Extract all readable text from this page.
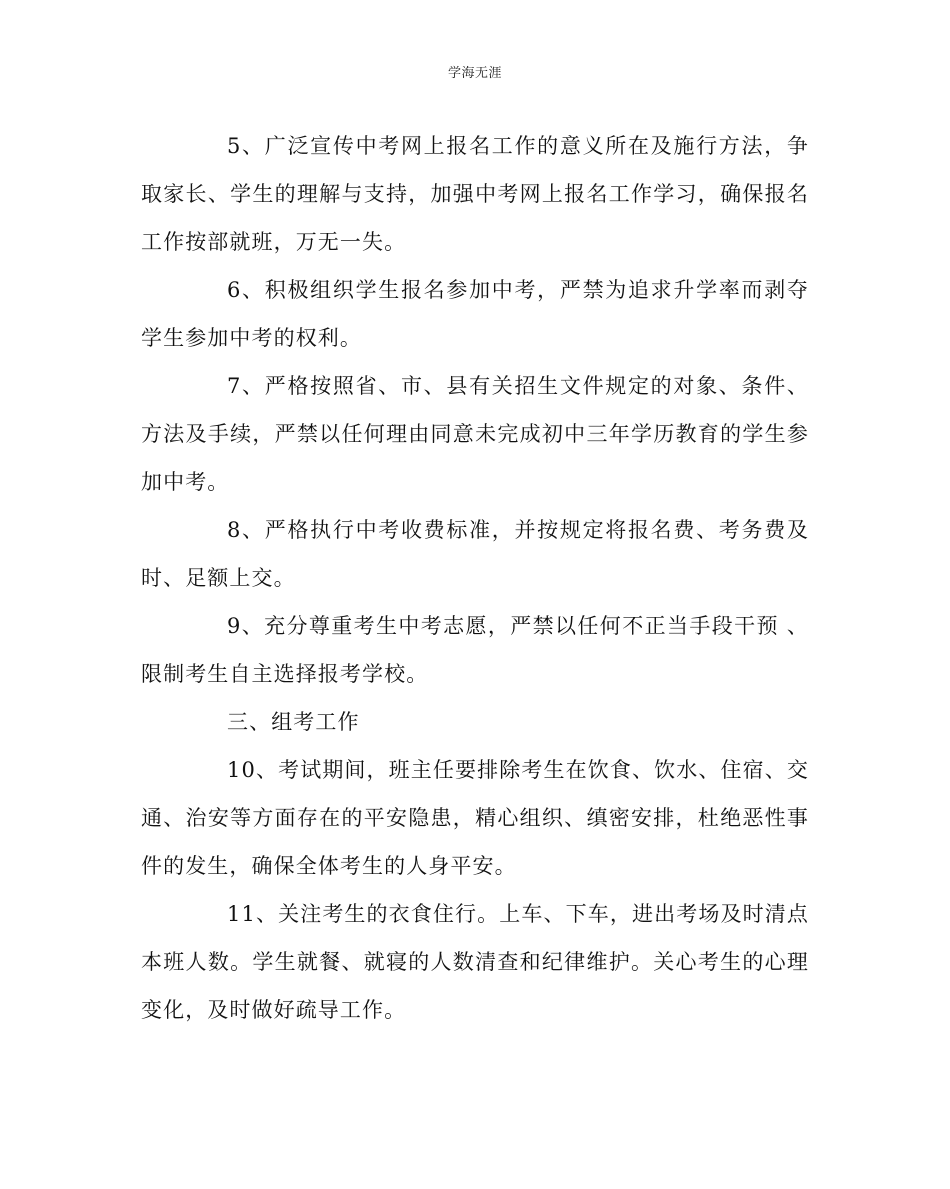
学海无涯

5、广泛宣传中考网上报名工作的意义所在及施行方法，争取家长、学生的理解与支持，加强中考网上报名工作学习，确保报名工作按部就班，万无一失。

6、积极组织学生报名参加中考，严禁为追求升学率而剥夺学生参加中考的权利。

7、严格按照省、市、县有关招生文件规定的对象、条件、方法及手续，严禁以任何理由同意未完成初中三年学历教育的学生参加中考。

8、严格执行中考收费标准，并按规定将报名费、考务费及时、足额上交。

9、充分尊重考生中考志愿，严禁以任何不正当手段干预 、限制考生自主选择报考学校。

三、组考工作

10、考试期间，班主任要排除考生在饮食、饮水、住宿、交通、治安等方面存在的平安隐患，精心组织、缜密安排，杜绝恶性事件的发生，确保全体考生的人身平安。

11、关注考生的衣食住行。上车、下车，进出考场及时清点本班人数。学生就餐、就寝的人数清查和纪律维护。关心考生的心理变化，及时做好疏导工作。
